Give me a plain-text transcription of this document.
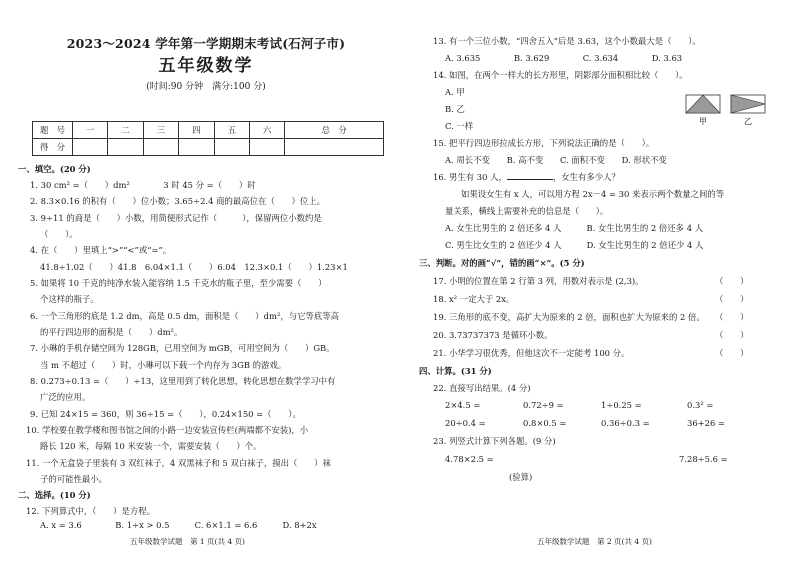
2023～2024 学年第一学期期末考试(石河子市)
五年级数学
(时间:90 分钟　满分:100 分)
题　号	一	二	三	四	五	六	总　分
得　分							
一、填空。(20 分)
1. 30 cm² =（　　）dm²　　　　3 时 45 分 =（　　）时
2. 8.3×0.16 的积有（　　）位小数；3.65÷2.4 商的最高位在（　　）位上。
3. 9÷11 的商是（　　）小数，用简便形式记作（　　　），保留两位小数约是
（　　）。
4. 在（　　）里填上“>”“<”或“=”。
41.8÷1.02（　　）41.8　6.04×1.1（　　）6.04　12.3×0.1（　　）1.23×1
5. 如果将 10 千克的纯净水装入能容纳 1.5 千克水的瓶子里，至少需要（　　）
个这样的瓶子。
6. 一个三角形的底是 1.2 dm，高是 0.5 dm，面积是（　　）dm²，与它等底等高
的平行四边形的面积是（　　）dm²。
7. 小琳的手机存储空间为 128GB，已用空间为 mGB，可用空间为（　　）GB。
当 m 不超过（　　）时，小琳可以下载一个内存为 3GB 的游戏。
8. 0.273÷0.13 =（　　）÷13，这里用到了转化思想，转化思想在数学学习中有
广泛的应用。
9. 已知 24×15 = 360，则 36÷15 =（　　），0.24×150 =（　　）。
10. 学校要在教学楼和图书馆之间的小路一边安装宣传栏(两端都不安装)，小
路长 120 米，每隔 10 米安装一个，需要安装（　　）个。
11. 一个无盒袋子里装有 3 双红袜子，4 双黑袜子和 5 双白袜子，摸出（　　）袜
子的可能性最小。
二、选择。(10 分)
12. 下列算式中，（　　）是方程。
A. x = 3.6　　　　B. 1÷x > 0.5　　　C. 6×1.1 = 6.6　　　D. 8+2x
五年级数学试题　第 1 页(共 4 页)
13. 有一个三位小数，“四舍五入”后是 3.63，这个小数最大是（　　）。
A. 3.635　　　　B. 3.629　　　　C. 3.634　　　　D. 3.63
14. 如图，在两个一样大的长方形里，阴影部分面积相比较（　　）。
A. 甲
B. 乙
C. 一样	甲	乙
15. 把平行四边形拉成长方形，下列说法正确的是（　　）。
A. 周长不变　　B. 高不变　　C. 面积不变　　D. 形状不变
16. 男生有 30 人，	，女生有多少人？
如果设女生有 x 人，可以用方程 2x－4 = 30 来表示两个数量之间的等
量关系，横线上需要补充的信息是（　　）。
A. 女生比男生的 2 倍还多 4 人　　　B. 女生比男生的 2 倍还多 4 人
C. 男生比女生的 2 倍还少 4 人　　　D. 女生比男生的 2 倍还少 4 人
三、判断。对的画“√”，错的画“×”。(5 分)
17. 小明的位置在第 2 行第 3 列，用数对表示是 (2,3)。	（　　）
18. x² 一定大于 2x。	（　　）
19. 三角形的底不变，高扩大为原来的 2 倍，面积也扩大为原来的 2 倍。 （　　）
20. 3.73737373 是循环小数。	（　　）
21. 小华学习很优秀，但他这次不一定能考 100 分。	（　　）
四、计算。(31 分)
22. 直接写出结果。(4 分)
2×4.5 =	0.72÷9 =	1÷0.25 =	0.3² =
20÷0.4 =	0.8×0.5 =	0.36÷0.3 =	36+26 =
23. 列竖式计算下列各题。(9 分)
4.78×2.5 =	7.28÷5.6 =
(验算)
五年级数学试题　第 2 页(共 4 页)
